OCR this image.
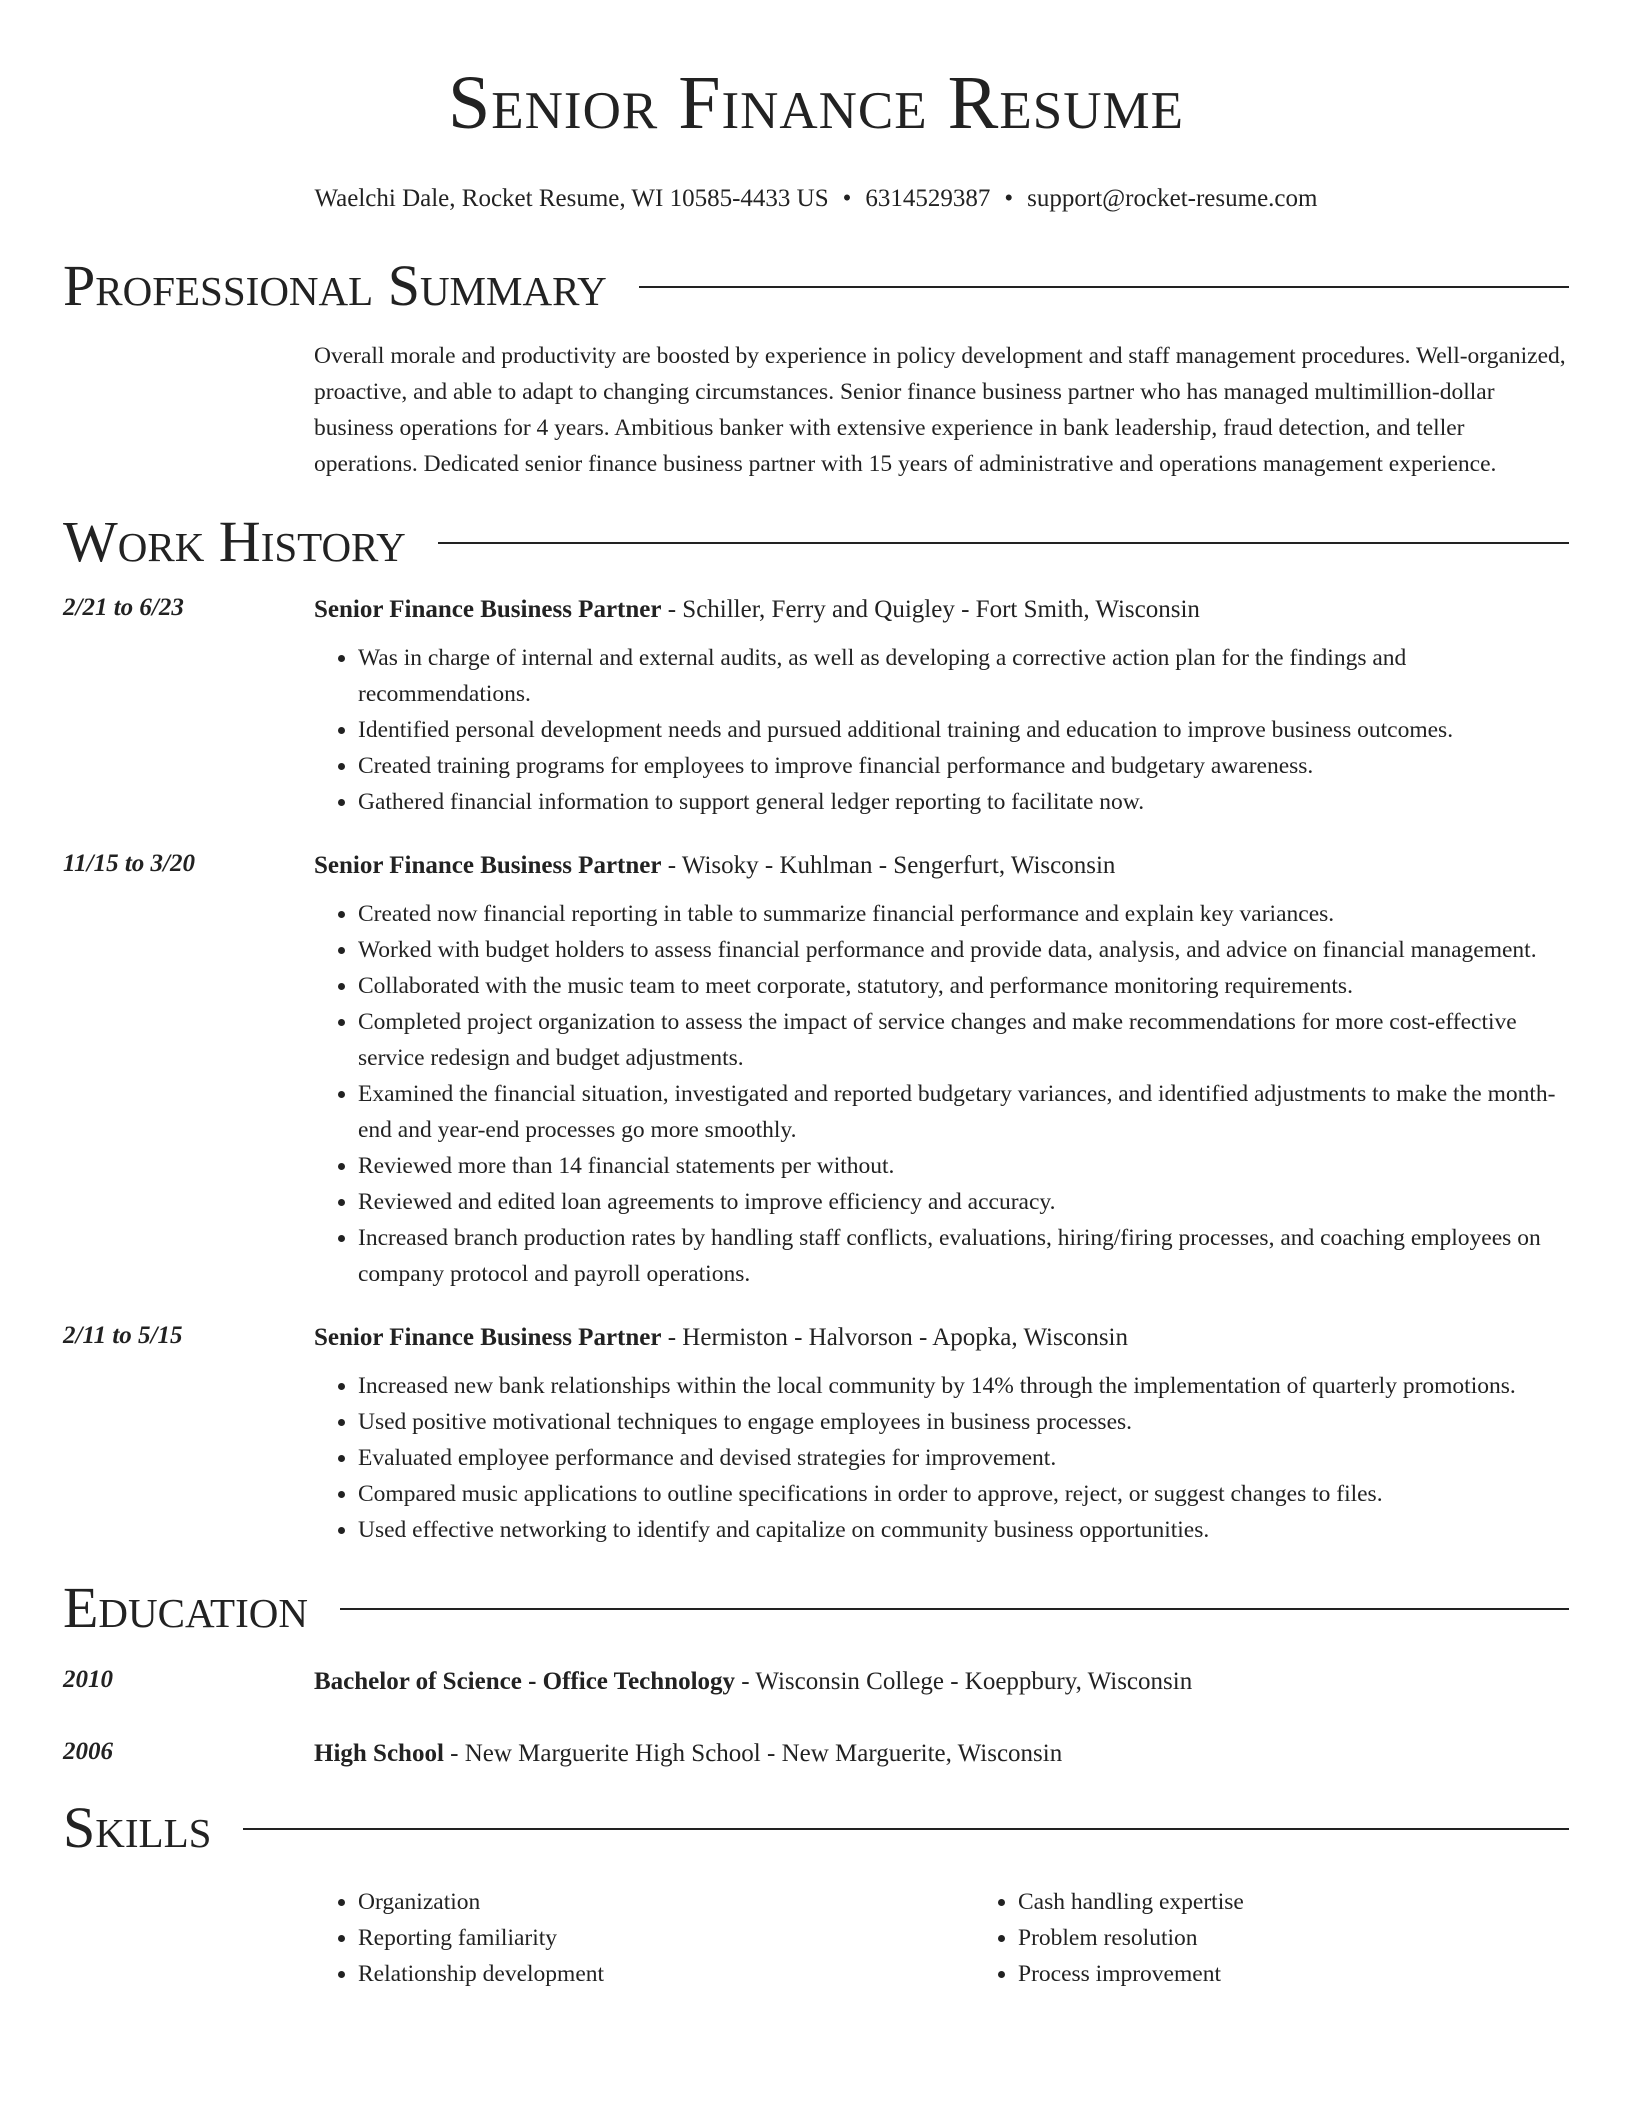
Senior Finance Resume
Waelchi Dale, Rocket Resume, WI 10585-4433 US • 6314529387 • support@rocket-resume.com
Professional Summary
Overall morale and productivity are boosted by experience in policy development and staff management procedures. Well-organized, proactive, and able to adapt to changing circumstances. Senior finance business partner who has managed multimillion-dollar business operations for 4 years. Ambitious banker with extensive experience in bank leadership, fraud detection, and teller operations. Dedicated senior finance business partner with 15 years of administrative and operations management experience.
Work History
2/21 to 6/23	Senior Finance Business Partner - Schiller, Ferry and Quigley - Fort Smith, Wisconsin
• Was in charge of internal and external audits, as well as developing a corrective action plan for the findings and recommendations.
• Identified personal development needs and pursued additional training and education to improve business outcomes.
• Created training programs for employees to improve financial performance and budgetary awareness.
• Gathered financial information to support general ledger reporting to facilitate now.
11/15 to 3/20	Senior Finance Business Partner - Wisoky - Kuhlman - Sengerfurt, Wisconsin
• Created now financial reporting in table to summarize financial performance and explain key variances.
• Worked with budget holders to assess financial performance and provide data, analysis, and advice on financial management.
• Collaborated with the music team to meet corporate, statutory, and performance monitoring requirements.
• Completed project organization to assess the impact of service changes and make recommendations for more cost-effective service redesign and budget adjustments.
• Examined the financial situation, investigated and reported budgetary variances, and identified adjustments to make the month-end and year-end processes go more smoothly.
• Reviewed more than 14 financial statements per without.
• Reviewed and edited loan agreements to improve efficiency and accuracy.
• Increased branch production rates by handling staff conflicts, evaluations, hiring/firing processes, and coaching employees on company protocol and payroll operations.
2/11 to 5/15	Senior Finance Business Partner - Hermiston - Halvorson - Apopka, Wisconsin
• Increased new bank relationships within the local community by 14% through the implementation of quarterly promotions.
• Used positive motivational techniques to engage employees in business processes.
• Evaluated employee performance and devised strategies for improvement.
• Compared music applications to outline specifications in order to approve, reject, or suggest changes to files.
• Used effective networking to identify and capitalize on community business opportunities.
Education
2010	Bachelor of Science - Office Technology - Wisconsin College - Koeppbury, Wisconsin
2006	High School - New Marguerite High School - New Marguerite, Wisconsin
Skills
• Organization
• Reporting familiarity
• Relationship development
• Cash handling expertise
• Problem resolution
• Process improvement
